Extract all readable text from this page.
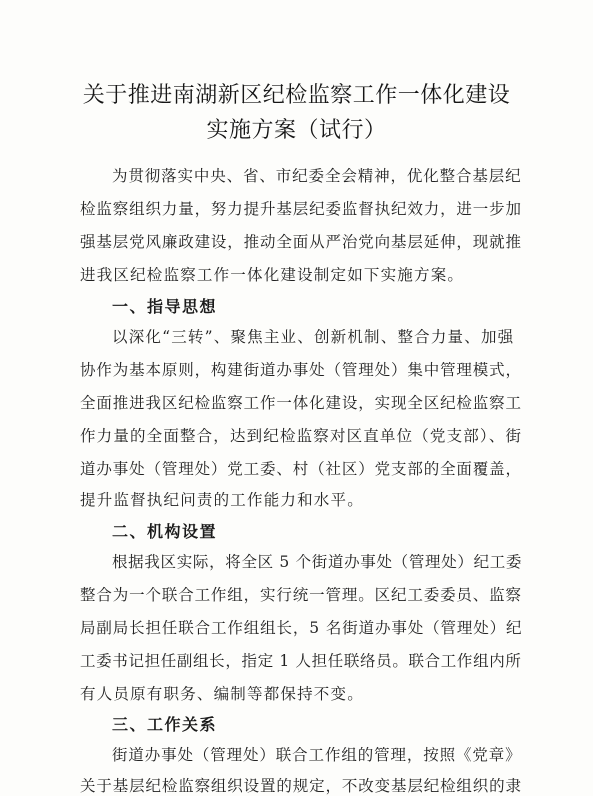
关于推进南湖新区纪检监察工作一体化建设
实施方案（试行）
为贯彻落实中央、省、市纪委全会精神，优化整合基层纪
检监察组织力量，努力提升基层纪委监督执纪效力，进一步加
强基层党风廉政建设，推动全面从严治党向基层延伸，现就推
进我区纪检监察工作一体化建设制定如下实施方案。
一、指导思想
以深化“三转”、聚焦主业、创新机制、整合力量、加强
协作为基本原则，构建街道办事处（管理处）集中管理模式，
全面推进我区纪检监察工作一体化建设，实现全区纪检监察工
作力量的全面整合，达到纪检监察对区直单位（党支部）、街
道办事处（管理处）党工委、村（社区）党支部的全面覆盖，
提升监督执纪问责的工作能力和水平。
二、机构设置
根据我区实际，将全区 5 个街道办事处（管理处）纪工委
整合为一个联合工作组，实行统一管理。区纪工委委员、监察
局副局长担任联合工作组组长，5 名街道办事处（管理处）纪
工委书记担任副组长，指定 1 人担任联络员。联合工作组内所
有人员原有职务、编制等都保持不变。
三、工作关系
街道办事处（管理处）联合工作组的管理，按照《党章》
关于基层纪检监察组织设置的规定，不改变基层纪检组织的隶
